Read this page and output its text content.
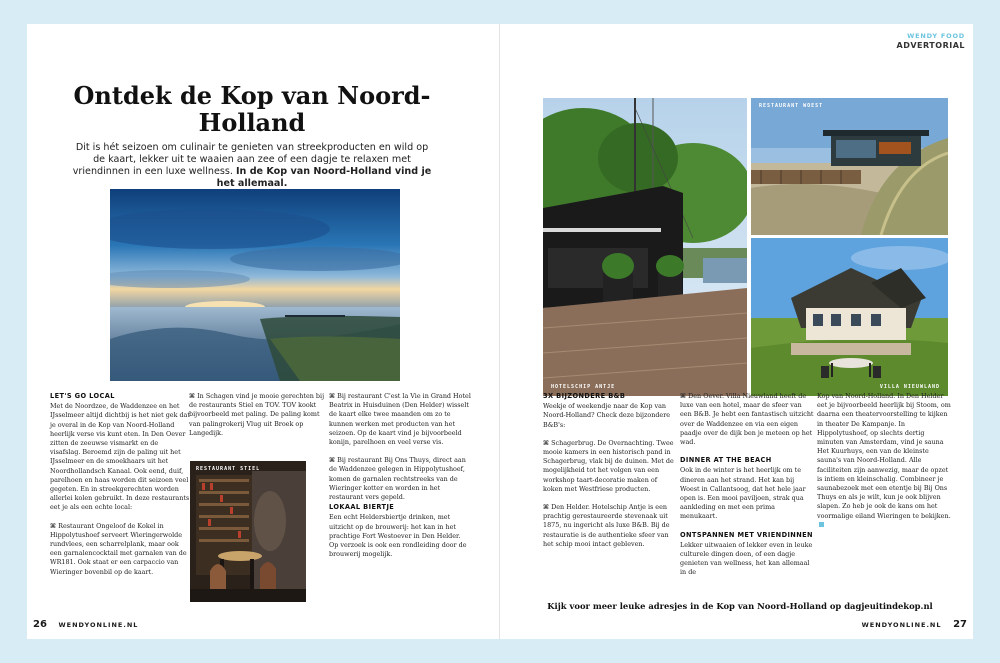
Ontdek de Kop van Noord-Holland

Dit is hét seizoen om culinair te genieten van streekproducten en wild op de kaart, lekker uit te waaien aan zee of een dagje te relaxen met vriendinnen in een luxe wellness. In de Kop van Noord-Holland vind je het allemaal.

LET'S GO LOCAL

Met de Noordzee, de Waddenzee en het IJsselmeer altijd dichtbij is het niet gek dat je overal in de Kop van Noord-Holland heerlijk verse vis kunt eten. In Den Oever zitten de zeeuwse vismarkt en de visafslag. Beroemd zijn de paling uit het IJsselmeer en de smoekhaars uit het Noordhollandsch Kanaal. Ook eend, duif, parelhoen en haas worden dit seizoen veel gegeten. En in streekgerechten worden allerlei kolen gebruikt. In deze restaurants eet je als een echte local:

⌘ Restaurant Ongeloof de Kokel in Hippolytushoef serveert Wieringerwolde rundvlees, een scharrelplank, maar ook een garnalencocktail met garnalen van de WR181. Ook staat er een carpaccio van Wieringer bovenbil op de kaart.

⌘ In Schagen vind je mooie gerechten bij de restaurants Stiel en TOV. TOV kookt bijvoorbeeld met paling. De paling komt van palingrokerij Vlug uit Broek op Langedijk.

RESTAURANT STIEL

⌘ Bij restaurant C'est la Vie in Grand Hotel Beatrix in Huisduinen (Den Helder) wisselt de kaart elke twee maanden om zo te kunnen werken met producten van het seizoen. Op de kaart vind je bijvoorbeeld konijn, parelhoen en veel verse vis.

⌘ Bij restaurant Bij Ons Thuys, direct aan de Waddenzee gelegen in Hippolytushoef, komen de garnalen rechtstreeks van de Wieringer kotter en worden in het restaurant vers gepeld.

LOKAAL BIERTJE

Een echt Heldersbiertje drinken, met uitzicht op de brouwerij: het kan in het prachtige Fort Westoever in Den Helder. Op verzoek is ook een rondleiding door de brouwerij mogelijk.

26 WENDYONLINE.NL
WENDY FOOD
ADVERTORIAL
HOTELSCHIP ANTJE
RESTAURANT WOEST
VILLA NIEUWLAND
3X BIJZONDERE B&B

Weekje of weekendje naar de Kop van Noord-Holland? Check deze bijzondere B&B's:

⌘ Schagerbrug. De Overnachting. Twee mooie kamers in een historisch pand in Schagerbrug, vlak bij de duinen. Met de mogelijkheid tot het volgen van een workshop taart-decoratie maken of koken met Westfriese producten.

⌘ Den Helder. Hotelschip Antje is een prachtig gerestaureerde stevenaak uit 1875, nu ingericht als luxe B&B. Bij de restauratie is de authentieke sfeer van het schip mooi intact gebleven.

⌘ Den Oever. Villa Nieuwland heeft de luxe van een hotel, maar de sfeer van een B&B. Je hebt een fantastisch uitzicht over de Waddenzee en via een eigen paadje over de dijk ben je meteen op het wad.

DINNER AT THE BEACH

Ook in de winter is het heerlijk om te dineren aan het strand. Het kan bij Woest in Callantsoog, dat het hele jaar open is. Een mooi paviljoen, strak qua aankleding en met een prima menukaart.

ONTSPANNEN MET VRIENDINNEN

Lekker uitwaaien of lekker even in leuke culturele dingen doen, of een dagje genieten van wellness, het kan allemaal in de

Kop van Noord-Holland. In Den Helder eet je bijvoorbeeld heerlijk bij Stoom, om daarna een theatervoorstelling te kijken in theater De Kampanje. In Hippolytushoef, op slechts dertig minuten van Amsterdam, vind je sauna Het Kuurhuys, een van de kleinste sauna's van Noord-Holland. Alle faciliteiten zijn aanwezig, maar de opzet is intiem en kleinschalig. Combineer je saunabezoek met een etentje bij Bij Ons Thuys en als je wilt, kun je ook blijven slapen. Zo heb je ook de kans om het voormalige eiland Wieringen te bekijken.

Kijk voor meer leuke adresjes in de Kop van Noord-Holland op dagjeuitindekop.nl
WENDYONLINE.NL 27
